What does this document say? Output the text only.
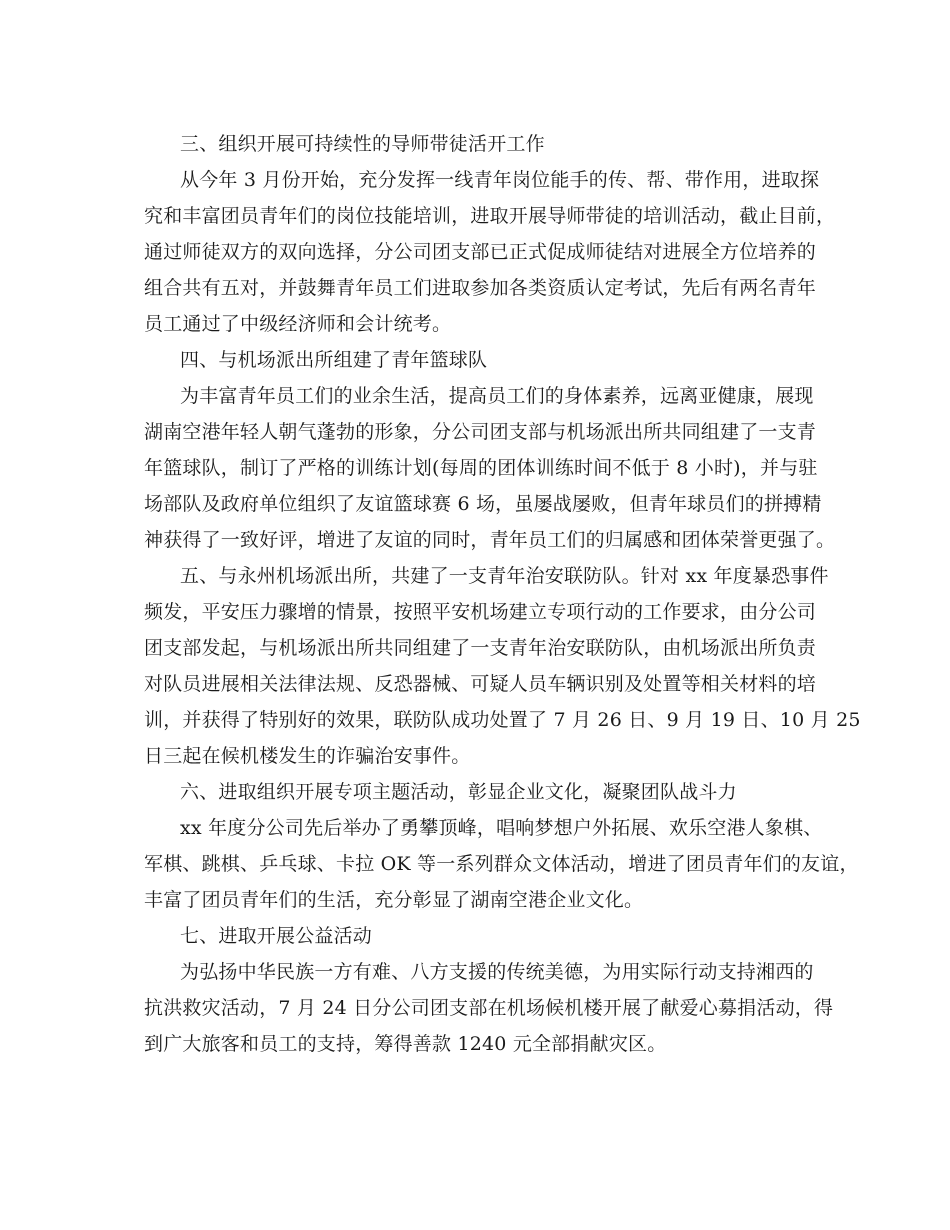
三、组织开展可持续性的导师带徒活开工作
从今年 3 月份开始，充分发挥一线青年岗位能手的传、帮、带作用，进取探
究和丰富团员青年们的岗位技能培训，进取开展导师带徒的培训活动，截止目前，
通过师徒双方的双向选择，分公司团支部已正式促成师徒结对进展全方位培养的
组合共有五对，并鼓舞青年员工们进取参加各类资质认定考试，先后有两名青年
员工通过了中级经济师和会计统考。
四、与机场派出所组建了青年篮球队
为丰富青年员工们的业余生活，提高员工们的身体素养，远离亚健康，展现
湖南空港年轻人朝气蓬勃的形象，分公司团支部与机场派出所共同组建了一支青
年篮球队，制订了严格的训练计划(每周的团体训练时间不低于 8 小时)，并与驻
场部队及政府单位组织了友谊篮球赛 6 场，虽屡战屡败，但青年球员们的拼搏精
神获得了一致好评，增进了友谊的同时，青年员工们的归属感和团体荣誉更强了。
五、与永州机场派出所，共建了一支青年治安联防队。针对 xx 年度暴恐事件
频发，平安压力骤增的情景，按照平安机场建立专项行动的工作要求，由分公司
团支部发起，与机场派出所共同组建了一支青年治安联防队，由机场派出所负责
对队员进展相关法律法规、反恐器械、可疑人员车辆识别及处置等相关材料的培
训，并获得了特别好的效果，联防队成功处置了 7 月 26 日、9 月 19 日、10 月 25
日三起在候机楼发生的诈骗治安事件。
六、进取组织开展专项主题活动，彰显企业文化，凝聚团队战斗力
xx 年度分公司先后举办了勇攀顶峰，唱响梦想户外拓展、欢乐空港人象棋、
军棋、跳棋、乒乓球、卡拉 OK 等一系列群众文体活动，增进了团员青年们的友谊，
丰富了团员青年们的生活，充分彰显了湖南空港企业文化。
七、进取开展公益活动
为弘扬中华民族一方有难、八方支援的传统美德，为用实际行动支持湘西的
抗洪救灾活动，7 月 24 日分公司团支部在机场候机楼开展了献爱心募捐活动，得
到广大旅客和员工的支持，筹得善款 1240 元全部捐献灾区。
